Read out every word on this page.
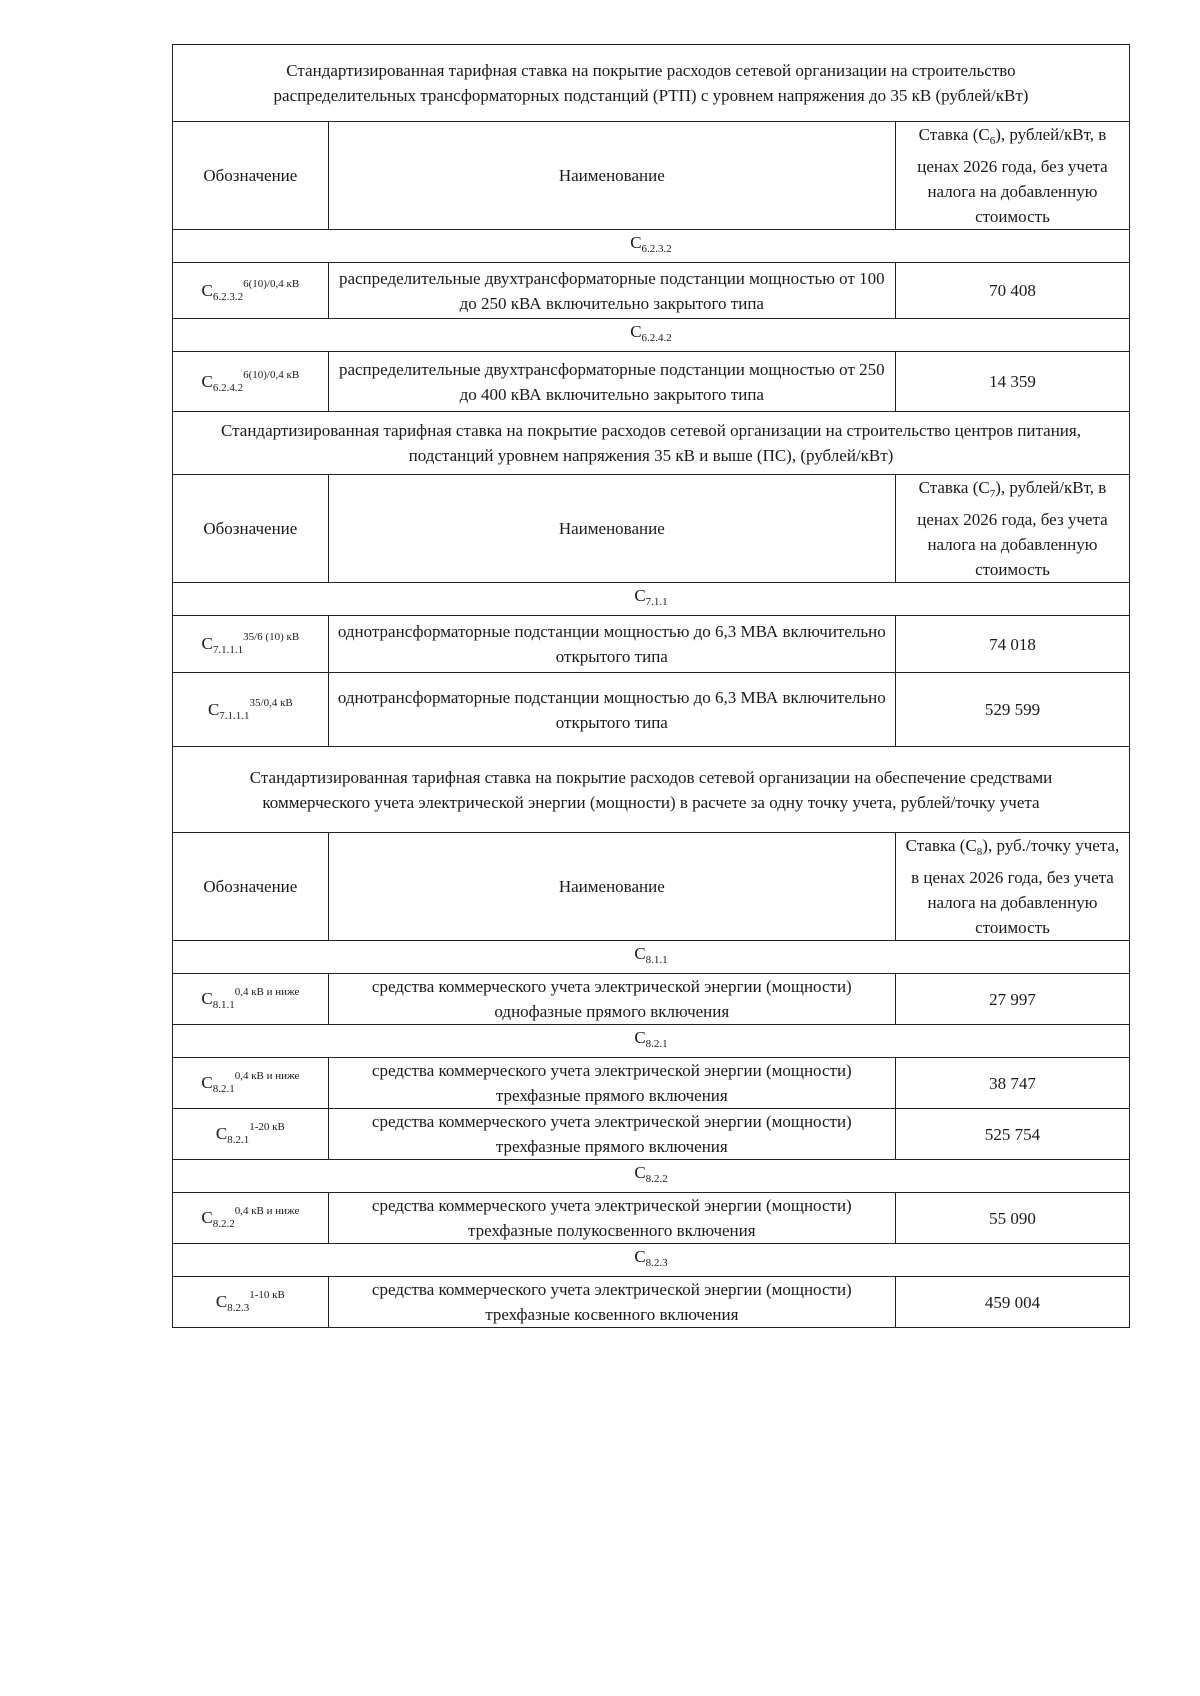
Стандартизированная тарифная ставка на покрытие расходов сетевой организации на строительство распределительных трансформаторных подстанций (РТП) с уровнем напряжения до 35 кВ (рублей/кВт)		
Обозначение	Наименование	Ставка $(С_6)$, рублей/кВт, в ценах 2026 года, без учета налога на добавленную стоимость
$С_{6.2.3.2}$
$С_{6.2.3.2}^{6(10)/0,4 кВ}$	распределительные двухтрансформаторные подстанции мощностью от 100 до 250 кВА включительно закрытого типа	70 408
$С_{6.2.4.2}$
$С_{6.2.4.2}^{6(10)/0,4 кВ}$	распределительные двухтрансформаторные подстанции мощностью от 250 до 400 кВА включительно закрытого типа	14 359
Стандартизированная тарифная ставка на покрытие расходов сетевой организации на строительство центров питания, подстанций уровнем напряжения 35 кВ и выше (ПС), (рублей/кВт)		
Обозначение	Наименование	Ставка $(С_7)$, рублей/кВт, в ценах 2026 года, без учета налога на добавленную стоимость
$С_{7.1.1}$
$С_{7.1.1.1}^{35/6 (10) кВ}$	однотрансформаторные подстанции мощностью до 6,3 МВА включительно открытого типа	74 018
$С_{7.1.1.1}^{35/0,4 кВ}$	однотрансформаторные подстанции мощностью до 6,3 МВА включительно открытого типа	529 599
Стандартизированная тарифная ставка на покрытие расходов сетевой организации на обеспечение средствами коммерческого учета электрической энергии (мощности) в расчете за одну точку учета, рублей/точку учета		
Обозначение	Наименование	Ставка $(С_8)$, руб./точку учета, в ценах 2026 года, без учета налога на добавленную стоимость
$С_{8.1.1}$
$С_{8.1.1}^{0,4 кВ и ниже}$	средства коммерческого учета электрической энергии (мощности) однофазные прямого включения	27 997
$С_{8.2.1}$
$С_{8.2.1}^{0,4 кВ и ниже}$	средства коммерческого учета электрической энергии (мощности) трехфазные прямого включения	38 747
$С_{8.2.1}^{1-20 кВ}$	средства коммерческого учета электрической энергии (мощности) трехфазные прямого включения	525 754
$С_{8.2.2}$
$С_{8.2.2}^{0,4 кВ и ниже}$	средства коммерческого учета электрической энергии (мощности) трехфазные полукосвенного включения	55 090
$С_{8.2.3}$
$С_{8.2.3}^{1-10 кВ}$	средства коммерческого учета электрической энергии (мощности) трехфазные косвенного включения	459 004
